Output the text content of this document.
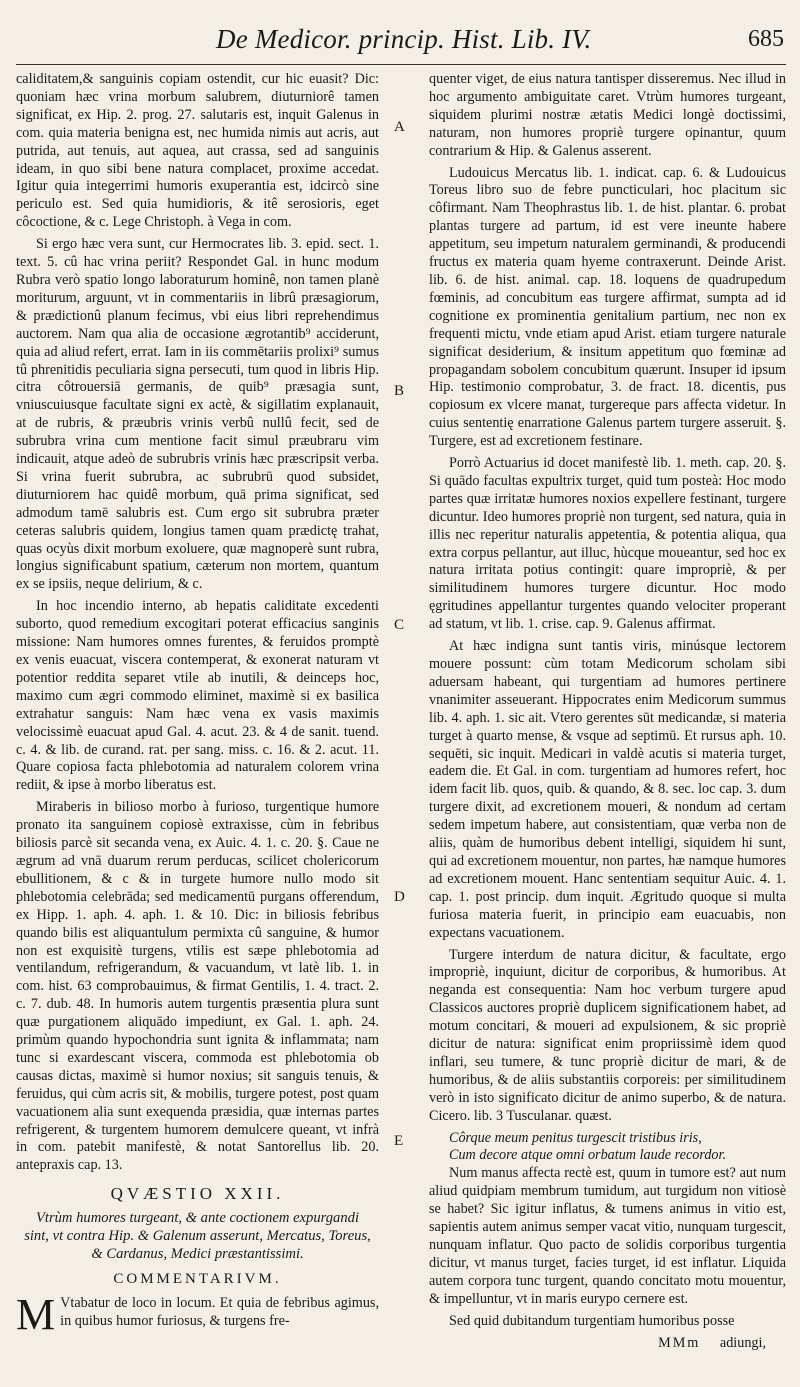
De Medicor. princip. Hist. Lib. IV.	685

caliditatem,& sanguinis copiam ostendit, cur hic euasit? Dic: quoniam hæc vrina morbum salubrem, diuturniorê tamen significat, ex Hip. 2. prog. 27. salutaris est, inquit Galenus in com. quia materia benigna est, nec humida nimis aut acris, aut putrida, aut tenuis, aut aquea, aut crassa, sed ad sanguinis ideam, in quo sibi bene natura complacet, proxime accedat. Igitur quia integerrimi humoris exuperantia est, idcircò sine periculo est. Sed quia humidioris, & itê serosioris, eget côcoctione, & c. Lege Christoph. à Vega in com.

Si ergo hæc vera sunt, cur Hermocrates lib. 3. epid. sect. 1. text. 5. cû hac vrina periit? Respondet Gal. in hunc modum Rubra verò spatio longo laboraturum hominê, non tamen planè moriturum, arguunt, vt in commentariis in librû præsagiorum, & prædictionû planum fecimus, vbi eius libri reprehendimus auctorem. Nam qua alia de occasione ægrotantib⁹ acciderunt, quia ad aliud refert, errat. Iam in iis commētariis prolixi⁹ sumus tû phrenitidis peculiaria signa persecuti, tum quod in libris Hip. citra côtrouersiā germanis, de quib⁹ præsagia sunt, vniuscuiusque facultate signi ex actè, & sigillatim explanauit, at de rubris, & præubris vrinis verbû nullû fecit, sed de subrubra vrina cum mentione facit simul præubraru vim indicauit, atque adeò de subrubris vrinis hæc præscripsit verba. Si vrina fuerit subrubra, ac subrubrū quod subsidet, diuturniorem hac quidê morbum, quā prima significat, sed admodum tamē salubris est. Cum ergo sit subrubra præter ceteras salubris quidem, longius tamen quam prædictę trahat, quas ocyùs dixit morbum exoluere, quæ magnoperè sunt rubra, longius significabunt spatium, cæterum non mortem, quantum ex se ipsiis, neque delirium, & c.

In hoc incendio interno, ab hepatis caliditate excedenti suborto, quod remedium excogitari poterat efficacius sanginis missione: Nam humores omnes furentes, & feruidos promptè ex venis euacuat, viscera contemperat, & exonerat naturam vt potentior reddita separet vtile ab inutili, & deinceps hoc, maximo cum ægri commodo eliminet, maximè si ex basilica extrahatur sanguis: Nam hæc vena ex vasis maximis velocissimè euacuat apud Gal. 4. acut. 23. & 4 de sanit. tuend. c. 4. & lib. de curand. rat. per sang. miss. c. 16. & 2. acut. 11. Quare copiosa facta phlebotomia ad naturalem colorem vrina rediit, & ipse à morbo liberatus est.

Miraberis in bilioso morbo à furioso, turgentique humore pronato ita sanguinem copiosè extraxisse, cùm in febribus biliosis parcè sit secanda vena, ex Auic. 4. 1. c. 20. §. Caue ne ægrum ad vnā duarum rerum perducas, scilicet cholericorum ebullitionem, & c & in turgete humore nullo modo sit phlebotomia celebrāda; sed medicamentū purgans offerendum, ex Hipp. 1. aph. 4. aph. 1. & 10. Dic: in biliosis febribus quando bilis est aliquantulum permixta cû sanguine, & humor non est exquisitè turgens, vtilis est sæpe phlebotomia ad ventilandum, refrigerandum, & vacuandum, vt latè lib. 1. in com. hist. 63 comprobauimus, & firmat Gentilis, 1. 4. tract. 2. c. 7. dub. 48. In humoris autem turgentis præsentia plura sunt quæ purgationem aliquādo impediunt, ex Gal. 1. aph. 24. primùm quando hypochondria sunt ignita & inflammata; nam tunc si exardescant viscera, commoda est phlebotomia ob causas dictas, maximè si humor noxius; sit sanguis tenuis, & feruidus, qui cùm acris sit, & mobilis, turgere potest, post quam vacuationem alia sunt exequenda præsidia, quæ internas partes refrigerent, & turgentem humorem demulcere queant, vt infrà in com. patebit manifestè, & notat Santorellus lib. 20. antepraxis cap. 13.

QVÆSTIO XXII.

Vtrùm humores turgeant, & ante coctionem expurgandi sint, vt contra Hip. & Galenum asserunt, Mercatus, Toreus, & Cardanus, Medici præstantissimi.

COMMENTARIVM.

M Vtabatur de loco in locum. Et quia de febribus agimus, in quibus humor furiosus, & turgens fre-

A
B
C
D
E

quenter viget, de eius natura tantisper disseremus. Nec illud in hoc argumento ambiguitate caret. Vtrùm humores turgeant, siquidem plurimi nostræ ætatis Medici longè doctissimi, naturam, non humores propriè turgere opinantur, quum contrarium & Hip. & Galenus asserent.

Ludouicus Mercatus lib. 1. indicat. cap. 6. & Ludouicus Toreus libro suo de febre puncticulari, hoc placitum sic côfirmant. Nam Theophrastus lib. 1. de hist. plantar. 6. probat plantas turgere ad partum, id est vere ineunte habere appetitum, seu impetum naturalem germinandi, & producendi fructus ex materia quam hyeme contraxerunt. Deinde Arist. lib. 6. de hist. animal. cap. 18. loquens de quadrupedum fœminis, ad concubitum eas turgere affirmat, sumpta ad id cognitione ex prominentia genitalium partium, nec non ex frequenti mictu, vnde etiam apud Arist. etiam turgere naturale significat desiderium, & insitum appetitum quo fœminæ ad propagandam sobolem concubitum quærunt. Insuper id ipsum Hip. testimonio comprobatur, 3. de fract. 18. dicentis, pus copiosum ex vlcere manat, turgereque pars affecta videtur. In cuius sententię enarratione Galenus partem turgere asseruit. §. Turgere, est ad excretionem festinare.

Porrò Actuarius id docet manifestè lib. 1. meth. cap. 20. §. Si quādo facultas expultrix turget, quid tum posteà: Hoc modo partes quæ irritatæ humores noxios expellere festinant, turgere dicuntur. Ideo humores propriè non turgent, sed natura, quia in illis nec reperitur naturalis appetentia, & potentia aliqua, qua extra corpus pellantur, aut illuc, hùcque moueantur, sed hoc ex natura irritata potius contingit: quare impropriè, & per similitudinem humores turgere dicuntur. Hoc modo ęgritudines appellantur turgentes quando velociter properant ad statum, vt lib. 1. crise. cap. 9. Galenus affirmat.

At hæc indigna sunt tantis viris, minúsque lectorem mouere possunt: cùm totam Medicorum scholam sibi aduersam habeant, qui turgentiam ad humores pertinere vnanimiter asseuerant. Hippocrates enim Medicorum summus lib. 4. aph. 1. sic ait. Vtero gerentes sūt medicandæ, si materia turget à quarto mense, & vsque ad septimū. Et rursus aph. 10. sequēti, sic inquit. Medicari in valdè acutis si materia turget, eadem die. Et Gal. in com. turgentiam ad humores refert, hoc idem facit lib. quos, quib. & quando, & 8. sec. loc cap. 3. dum turgere dixit, ad excretionem moueri, & nondum ad certam sedem impetum habere, aut consistentiam, quæ verba non de aliis, quàm de humoribus debent intelligi, siquidem hi sunt, qui ad excretionem mouentur, non partes, hæ namque humores ad excretionem mouent. Hanc sententiam sequitur Auic. 4. 1. cap. 1. post princip. dum inquit. Ægritudo quoque si multa furiosa materia fuerit, in principio eam euacuabis, non expectans vacuationem.

Turgere interdum de natura dicitur, & facultate, ergo impropriè, inquiunt, dicitur de corporibus, & humoribus. At neganda est consequentia: Nam hoc verbum turgere apud Classicos auctores propriè duplicem significationem habet, ad motum concitari, & moueri ad expulsionem, & sic propriè dicitur de natura: significat enim propriissimè idem quod inflari, seu tumere, & tunc propriè dicitur de mari, & de humoribus, & de aliis substantiis corporeis: per similitudinem verò in isto significato dicitur de animo superbo, & de natura. Cicero. lib. 3 Tusculanar. quæst.

Côrque meum penitus turgescit tristibus iris,

Cum decore atque omni orbatum laude recordor.

Num manus affecta rectè est, quum in tumore est? aut num aliud quidpiam membrum tumidum, aut turgidum non vitiosè se habet? Sic igitur inflatus, & tumens animus in vitio est, sapientis autem animus semper vacat vitio, nunquam turgescit, nunquam inflatur. Quo pacto de solidis corporibus turgentia dicitur, vt manus turget, facies turget, id est inflatur. Liquida autem corpora tunc turgent, quando concitato motu mouentur, & impelluntur, vt in maris eurypo cernere est.

Sed quid dubitandum turgentiam humoribus posse

MMm adiungi,
